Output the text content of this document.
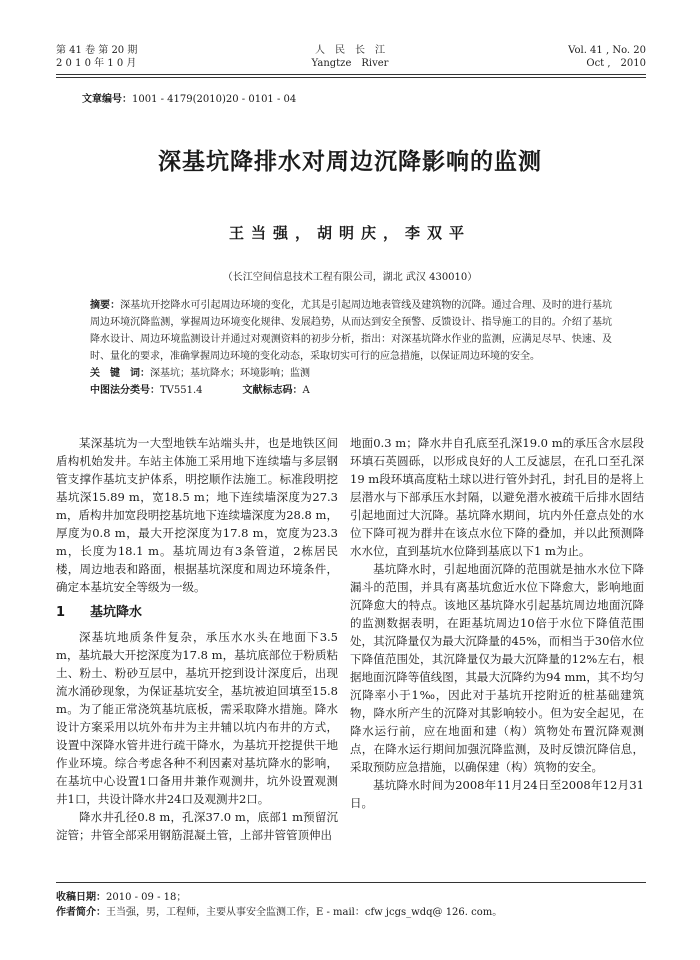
第 41 卷 第 20 期
2 0 1 0 年 1 0 月
人　民　长　江
Yangtze　River
Vol. 41 , No. 20
Oct ,　2010
文章编号：1001 - 4179(2010)20 - 0101 - 04
深基坑降排水对周边沉降影响的监测
王当强，胡明庆，李双平
（长江空间信息技术工程有限公司，湖北 武汉 430010）
摘要：深基坑开挖降水可引起周边环境的变化，尤其是引起周边地表管线及建筑物的沉降。通过合理、及时的进行基坑周边环境沉降监测，掌握周边环境变化规律、发展趋势，从而达到安全预警、反馈设计、指导施工的目的。介绍了基坑降水设计、周边环境监测设计并通过对观测资料的初步分析，指出：对深基坑降水作业的监测，应满足尽早、快速、及时、量化的要求，准确掌握周边环境的变化动态，采取切实可行的应急措施，以保证周边环境的安全。
关　键　词：深基坑；基坑降水；环境影响；监测
中图法分类号：TV551.4	文献标志码：A

某深基坑为一大型地铁车站端头井，也是地铁区间盾构机始发井。车站主体施工采用地下连续墙与多层钢管支撑作基坑支护体系，明挖顺作法施工。标准段明挖基坑深15.89 m，宽18.5 m；地下连续墙深度为27.3 m，盾构井加宽段明挖基坑地下连续墙深度为28.8 m，厚度为0.8 m，最大开挖深度为17.8 m，宽度为23.3 m，长度为18.1 m。基坑周边有3条管道，2栋居民楼，周边地表和路面，根据基坑深度和周边环境条件，确定本基坑安全等级为一级。

1 基坑降水

深基坑地质条件复杂，承压水水头在地面下3.5 m，基坑最大开挖深度为17.8 m，基坑底部位于粉质粘土、粉土、粉砂互层中，基坑开挖到设计深度后，出现流水涌砂现象，为保证基坑安全，基坑被迫回填至15.8 m。为了能正常浇筑基坑底板，需采取降水措施。降水设计方案采用以坑外布井为主井辅以坑内布井的方式，设置中深降水管井进行疏干降水，为基坑开挖提供干地作业环境。综合考虑各种不利因素对基坑降水的影响，在基坑中心设置1口备用井兼作观测井，坑外设置观测井1口，共设计降水井24口及观测井2口。

降水井孔径0.8 m，孔深37.0 m，底部1 m预留沉淀管；井管全部采用钢筋混凝土管，上部井管管顶伸出

地面0.3 m；降水井自孔底至孔深19.0 m的承压含水层段环填石英圆砾，以形成良好的人工反滤层，在孔口至孔深19 m段环填高度粘土球以进行管外封孔，封孔目的是将上层潜水与下部承压水封隔，以避免潜水被疏干后排水固结引起地面过大沉降。基坑降水期间，坑内外任意点处的水位下降可视为群井在该点水位下降的叠加，并以此预测降水水位，直到基坑水位降到基底以下1 m为止。

基坑降水时，引起地面沉降的范围就是抽水水位下降漏斗的范围，并具有离基坑愈近水位下降愈大，影响地面沉降愈大的特点。该地区基坑降水引起基坑周边地面沉降的监测数据表明，在距基坑周边10倍于水位下降值范围处，其沉降量仅为最大沉降量的45%，而相当于30倍水位下降值范围处，其沉降量仅为最大沉降量的12%左右，根据地面沉降等值线图，其最大沉降约为94 mm，其不均匀沉降率小于1‰，因此对于基坑开挖附近的桩基础建筑物，降水所产生的沉降对其影响较小。但为安全起见，在降水运行前，应在地面和建（构）筑物处布置沉降观测点，在降水运行期间加强沉降监测，及时反馈沉降信息，采取预防应急措施，以确保建（构）筑物的安全。

基坑降水时间为2008年11月24日至2008年12月31日。

收稿日期：2010 - 09 - 18；
作者简介：王当强，男，工程师，主要从事安全监测工作，E - mail：cfw jcgs_wdq@ 126. com。
